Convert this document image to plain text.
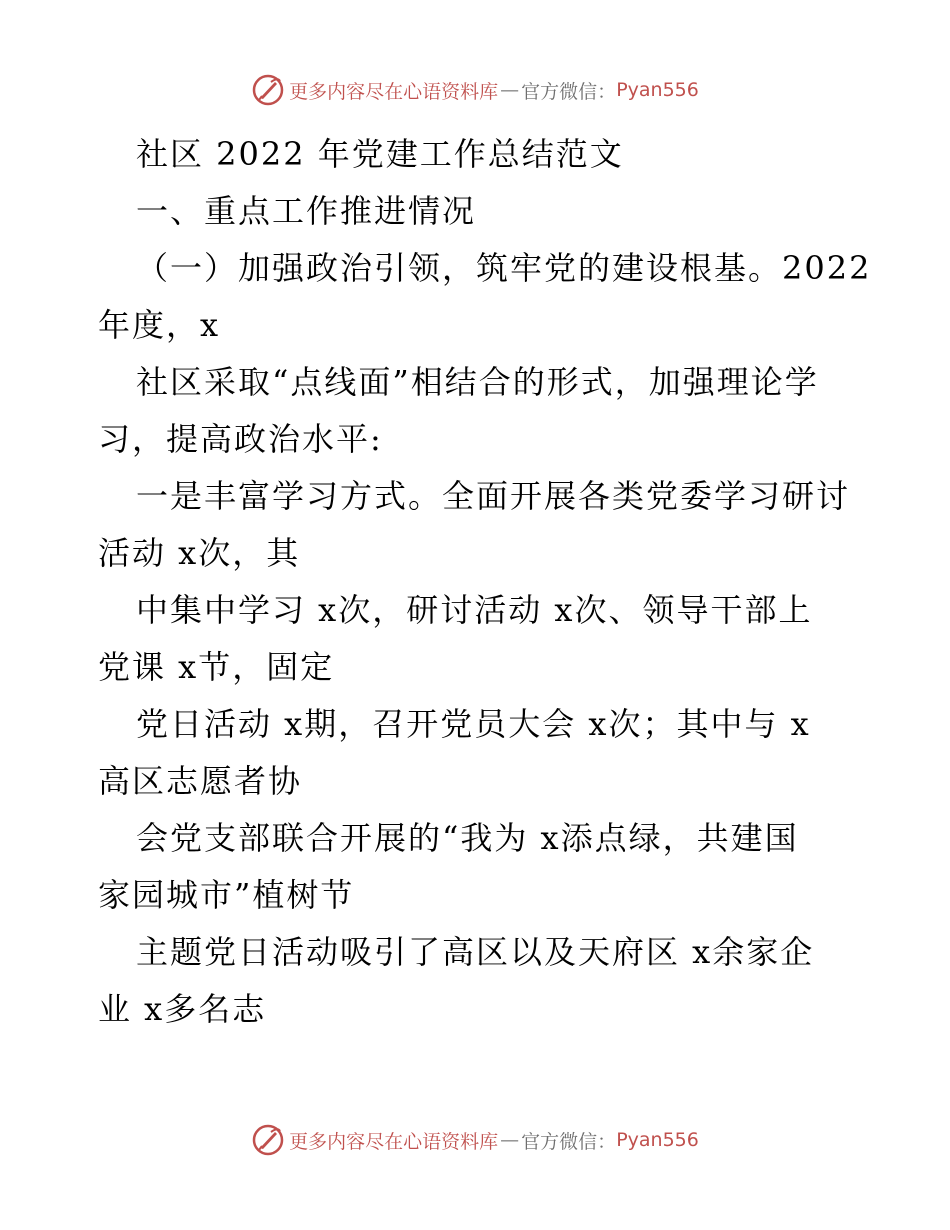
更多内容尽在心语资料库 — 官方微信： Pyan556
社区 2022 年党建工作总结范文
一、重点工作推进情况
（一）加强政治引领，筑牢党的建设根基。2022
年度，x
社区采取“点线面”相结合的形式，加强理论学
习，提高政治水平:
一是丰富学习方式。全面开展各类党委学习研讨
活动 x次，其
中集中学习 x次，研讨活动 x次、领导干部上
党课 x节，固定
党日活动 x期，召开党员大会 x次；其中与 x
高区志愿者协
会党支部联合开展的“我为 x添点绿，共建国
家园城市”植树节
主题党日活动吸引了高区以及天府区 x余家企
业 x多名志
更多内容尽在心语资料库 — 官方微信： Pyan556
